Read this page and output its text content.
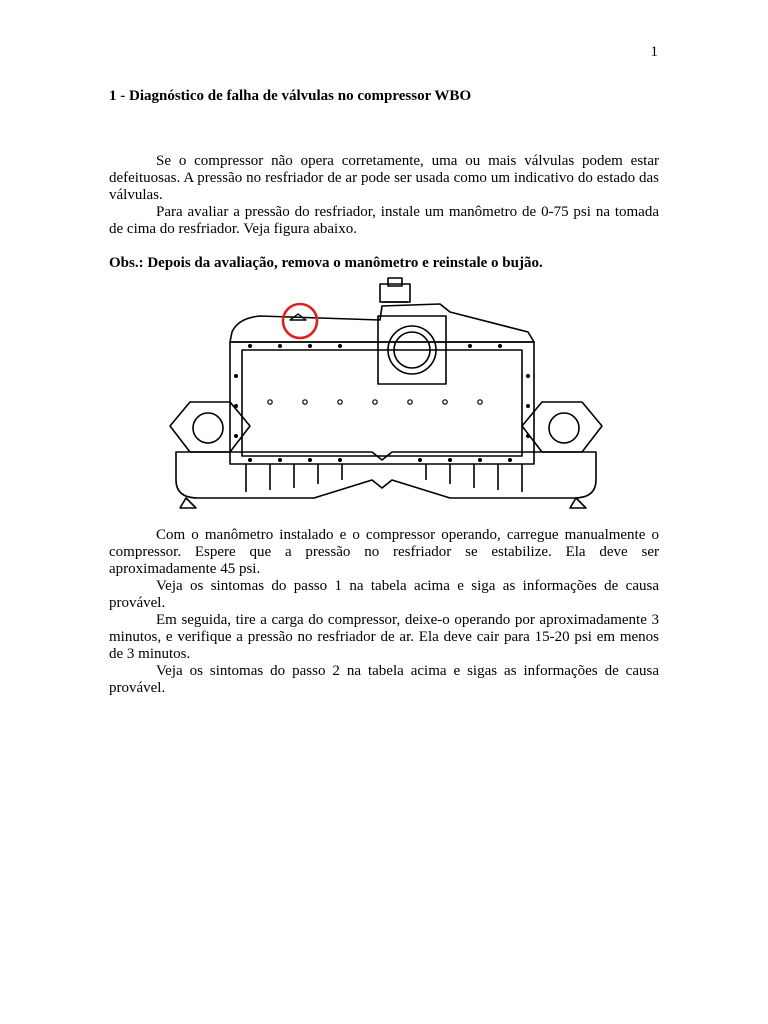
1
1 - Diagnóstico de falha de válvulas no compressor WBO

Se o compressor não opera corretamente, uma ou mais válvulas podem estar defeituosas. A pressão no resfriador de ar pode ser usada como um indicativo do estado das válvulas.

Para avaliar a pressão do resfriador, instale um manômetro de 0-75 psi na tomada de cima do resfriador. Veja figura abaixo.

Obs.: Depois da avaliação, remova o manômetro e reinstale o bujão.

Com o manômetro instalado e o compressor operando, carregue manualmente o compressor. Espere que a pressão no resfriador se estabilize. Ela deve ser aproximadamente 45 psi.

Veja os sintomas do passo 1 na tabela acima e siga as informações de causa provável.

Em seguida, tire a carga do compressor, deixe-o operando por aproximadamente 3 minutos, e verifique a pressão no resfriador de ar. Ela deve cair para 15-20 psi em menos de 3 minutos.

Veja os sintomas do passo 2 na tabela acima e sigas as informações de causa provável.
